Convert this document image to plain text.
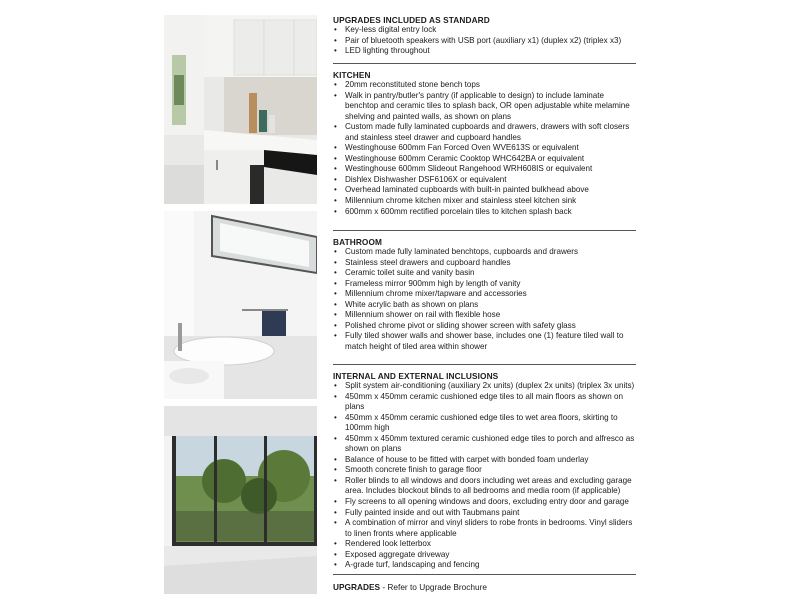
UPGRADES INCLUDED AS STANDARD
• Key-less digital entry lock
• Pair of bluetooth speakers with USB port (auxiliary x1) (duplex x2) (triplex x3)
• LED lighting throughout
KITCHEN
• 20mm reconstituted stone bench tops
• Walk in pantry/butler's pantry (if applicable to design) to include laminate benchtop and ceramic tiles to splash back, OR open adjustable white melamine shelving and painted walls, as shown on plans
• Custom made fully laminated cupboards and drawers, drawers with soft closers and stainless steel drawer and cupboard handles
• Westinghouse 600mm Fan Forced Oven WVE613S or equivalent
• Westinghouse 600mm Ceramic Cooktop WHC642BA or equivalent
• Westinghouse 600mm Slideout Rangehood WRH608IS or equivalent
• Dishlex Dishwasher DSF6106X or equivalent
• Overhead laminated cupboards with built-in painted bulkhead above
• Millennium chrome kitchen mixer and stainless steel kitchen sink
• 600mm x 600mm rectified porcelain tiles to kitchen splash back
BATHROOM
• Custom made fully laminated benchtops, cupboards and drawers
• Stainless steel drawers and cupboard handles
• Ceramic toilet suite and vanity basin
• Frameless mirror 900mm high by length of vanity
• Millennium chrome mixer/tapware and accessories
• White acrylic bath as shown on plans
• Millennium shower on rail with flexible hose
• Polished chrome pivot or sliding shower screen with safety glass
• Fully tiled shower walls and shower base, includes one (1) feature tiled wall to match height of tiled area within shower
INTERNAL AND EXTERNAL INCLUSIONS
• Split system air-conditioning (auxiliary 2x units) (duplex 2x units) (triplex 3x units)
• 450mm x 450mm ceramic cushioned edge tiles to all main floors as shown on plans
• 450mm x 450mm ceramic cushioned edge tiles to wet area floors, skirting to 100mm high
• 450mm x 450mm textured ceramic cushioned edge tiles to porch and alfresco as shown on plans
• Balance of house to be fitted with carpet with bonded foam underlay
• Smooth concrete finish to garage floor
• Roller blinds to all windows and doors including wet areas and excluding garage area. Includes blockout blinds to all bedrooms and media room (if applicable)
• Fly screens to all opening windows and doors, excluding entry door and garage
• Fully painted inside and out with Taubmans paint
• A combination of mirror and vinyl sliders to robe fronts in bedrooms. Vinyl sliders to linen fronts where applicable
• Rendered look letterbox
• Exposed aggregate driveway
• A-grade turf, landscaping and fencing
UPGRADES - Refer to Upgrade Brochure
